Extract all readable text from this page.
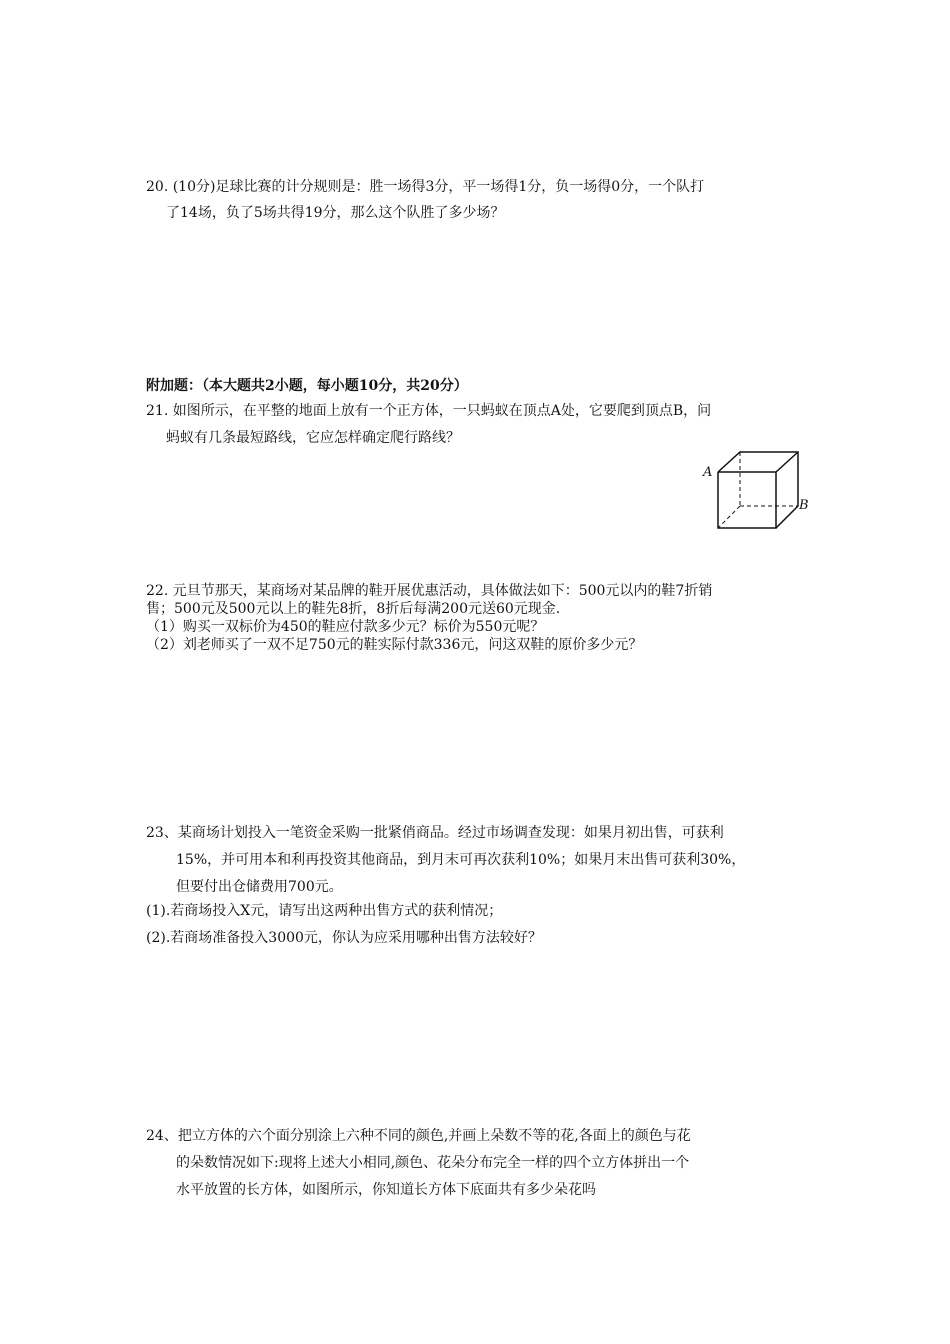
20. (10分)足球比赛的计分规则是：胜一场得3分，平一场得1分，负一场得0分，一个队打
了14场，负了5场共得19分，那么这个队胜了多少场？
附加题：（本大题共2小题，每小题10分，共20分）
21. 如图所示，在平整的地面上放有一个正方体，一只蚂蚁在顶点A处，它要爬到顶点B，问
蚂蚁有几条最短路线，它应怎样确定爬行路线？
A
B
22. 元旦节那天，某商场对某品牌的鞋开展优惠活动，具体做法如下：500元以内的鞋7折销
售；500元及500元以上的鞋先8折，8折后每满200元送60元现金.
（1）购买一双标价为450的鞋应付款多少元？标价为550元呢？
（2）刘老师买了一双不足750元的鞋实际付款336元，问这双鞋的原价多少元？
23、某商场计划投入一笔资金采购一批紧俏商品。经过市场调查发现：如果月初出售，可获利
15%，并可用本和利再投资其他商品，到月末可再次获利10%；如果月末出售可获利30%，
但要付出仓储费用700元。
(1).若商场投入X元，请写出这两种出售方式的获利情况；
(2).若商场准备投入3000元，你认为应采用哪种出售方法较好？
24、把立方体的六个面分别涂上六种不同的颜色,并画上朵数不等的花,各面上的颜色与花
的朵数情况如下:现将上述大小相同,颜色、花朵分布完全一样的四个立方体拼出一个
水平放置的长方体，如图所示，你知道长方体下底面共有多少朵花吗
